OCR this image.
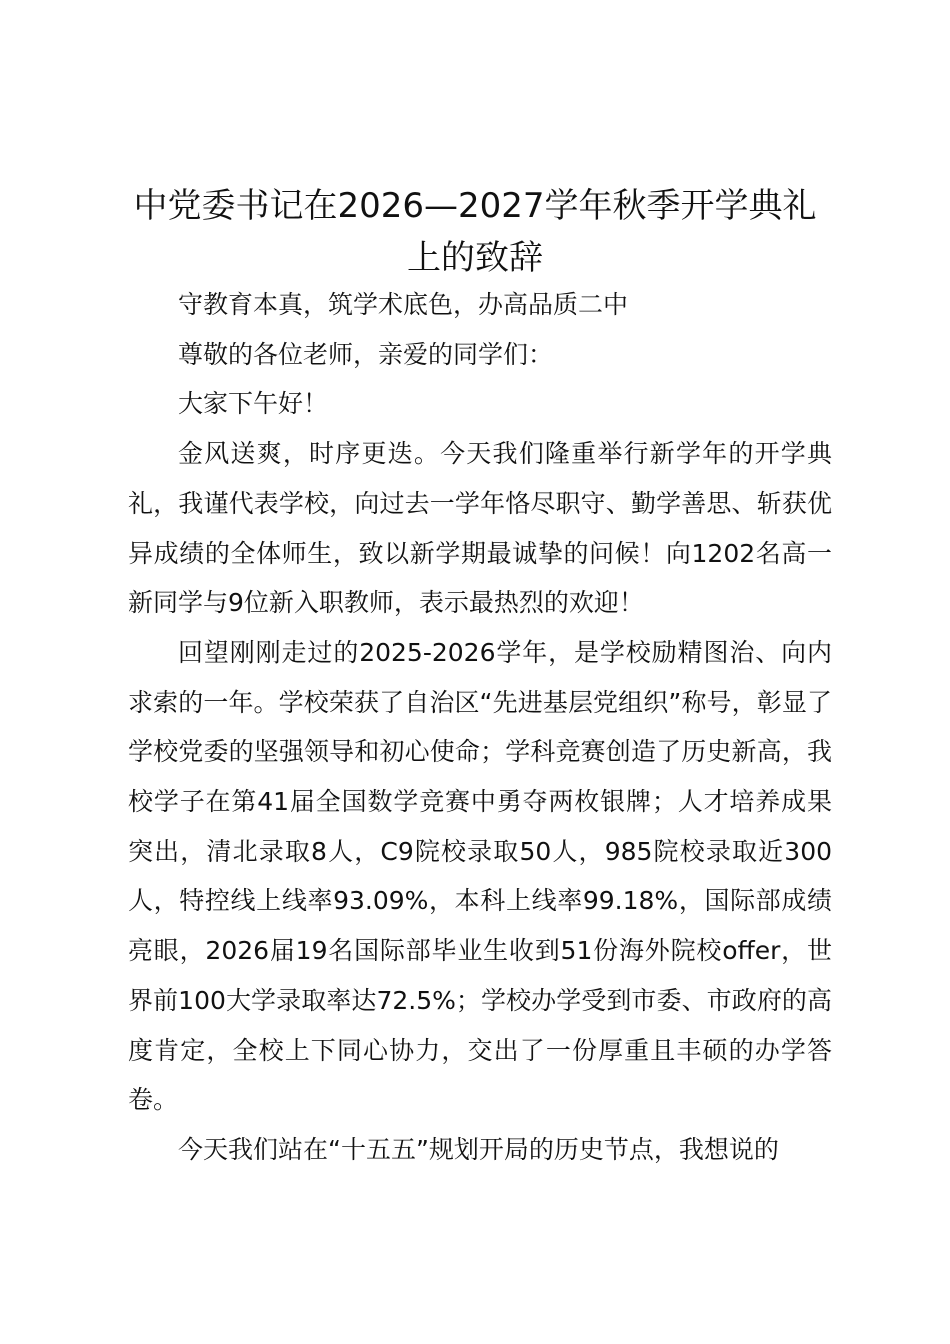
中党委书记在2026—2027学年秋季开学典礼上的致辞

守教育本真，筑学术底色，办高品质二中

尊敬的各位老师，亲爱的同学们：

大家下午好！

金风送爽，时序更迭。今天我们隆重举行新学年的开学典礼，我谨代表学校，向过去一学年恪尽职守、勤学善思、斩获优异成绩的全体师生，致以新学期最诚挚的问候！向1202名高一新同学与9位新入职教师，表示最热烈的欢迎！

回望刚刚走过的2025-2026学年，是学校励精图治、向内求索的一年。学校荣获了自治区“先进基层党组织”称号，彰显了学校党委的坚强领导和初心使命；学科竞赛创造了历史新高，我校学子在第41届全国数学竞赛中勇夺两枚银牌；人才培养成果突出，清北录取8人，C9院校录取50人，985院校录取近300人，特控线上线率93.09%，本科上线率99.18%，国际部成绩亮眼，2026届19名国际部毕业生收到51份海外院校offer，世界前100大学录取率达72.5%；学校办学受到市委、市政府的高度肯定，全校上下同心协力，交出了一份厚重且丰硕的办学答卷。

今天我们站在“十五五”规划开局的历史节点，我想说的
